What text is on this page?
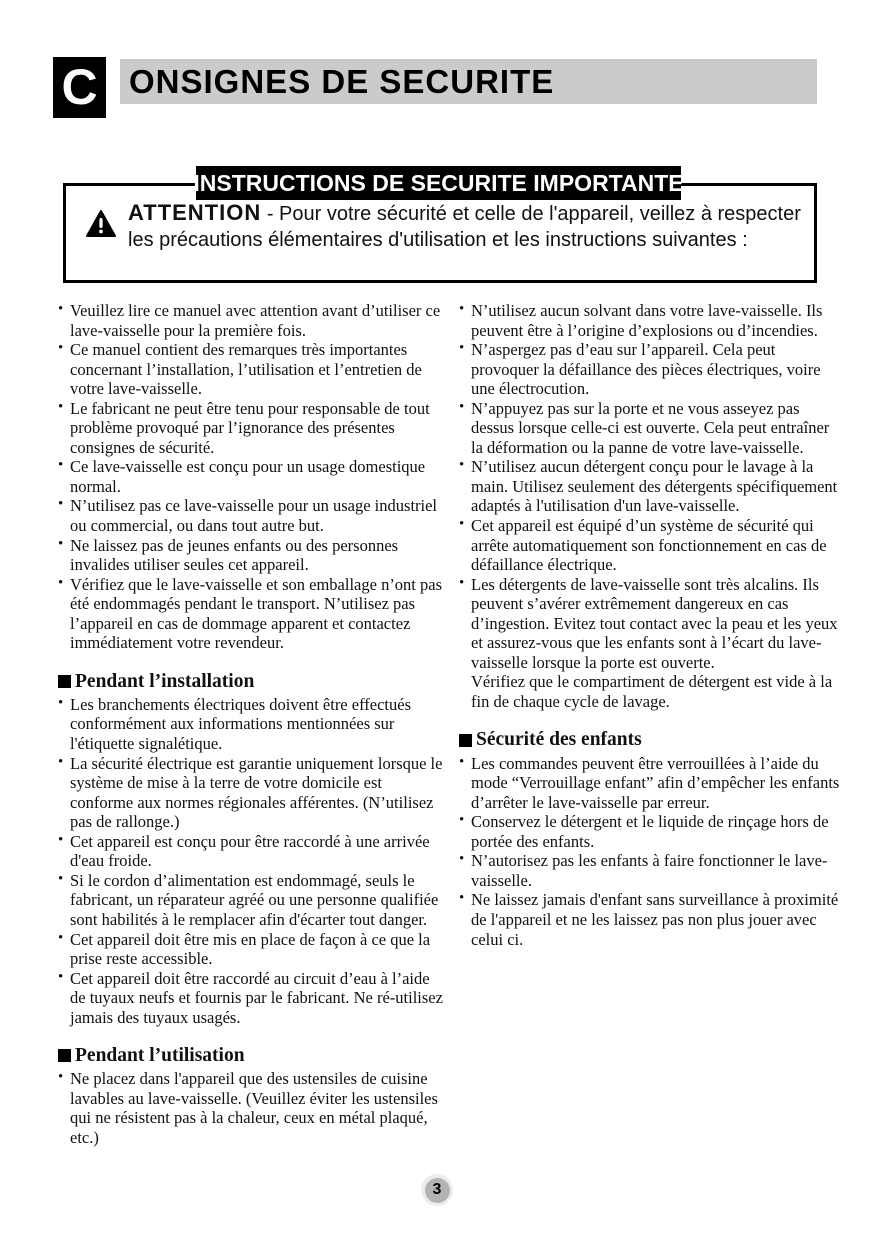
C ONSIGNES DE SECURITE
INSTRUCTIONS DE SECURITE IMPORTANTE

ATTENTION - Pour votre sécurité et celle de l'appareil, veillez à respecter les précautions élémentaires d'utilisation et les instructions suivantes :

• Veuillez lire ce manuel avec attention avant d’utiliser ce lave-vaisselle pour la première fois.
• Ce manuel contient des remarques très importantes concernant l’installation, l’utilisation et l’entretien de votre lave-vaisselle.
• Le fabricant ne peut être tenu pour responsable de tout problème provoqué par l’ignorance des présentes consignes de sécurité.
• Ce lave-vaisselle est conçu pour un usage domestique normal.
• N’utilisez pas ce lave-vaisselle pour un usage industriel ou commercial, ou dans tout autre but.
• Ne laissez pas de jeunes enfants ou des personnes invalides utiliser seules cet appareil.
• Vérifiez que le lave-vaisselle et son emballage n’ont pas été endommagés pendant le transport. N’utilisez pas l’appareil en cas de dommage apparent et contactez immédiatement votre revendeur.
Pendant l’installation
• Les branchements électriques doivent être effectués conformément aux informations mentionnées sur l'étiquette signalétique.
• La sécurité électrique est garantie uniquement lorsque le système de mise à la terre de votre domicile est conforme aux normes régionales afférentes. (N’utilisez pas de rallonge.)
• Cet appareil est conçu pour être raccordé à une arrivée d'eau froide.
• Si le cordon d’alimentation est endommagé, seuls le fabricant, un réparateur agréé ou une personne qualifiée sont habilités à le remplacer afin d'écarter tout danger.
• Cet appareil doit être mis en place de façon à ce que la prise reste accessible.
• Cet appareil doit être raccordé au circuit d’eau à l’aide de tuyaux neufs et fournis par le fabricant. Ne ré-utilisez jamais des tuyaux usagés.
Pendant l’utilisation
• Ne placez dans l'appareil que des ustensiles de cuisine lavables au lave-vaisselle. (Veuillez éviter les ustensiles qui ne résistent pas à la chaleur, ceux en métal plaqué, etc.)
• N’utilisez aucun solvant dans votre lave-vaisselle. Ils peuvent être à l’origine d’explosions ou d’incendies.
• N’aspergez pas d’eau sur l’appareil. Cela peut provoquer la défaillance des pièces électriques, voire une électrocution.
• N’appuyez pas sur la porte et ne vous asseyez pas dessus lorsque celle-ci est ouverte. Cela peut entraîner la déformation ou la panne de votre lave-vaisselle.
• N’utilisez aucun détergent conçu pour le lavage à la main. Utilisez seulement des détergents spécifiquement adaptés à l'utilisation d'un lave-vaisselle.
• Cet appareil est équipé d’un système de sécurité qui arrête automatiquement son fonctionnement en cas de défaillance électrique.
• Les détergents de lave-vaisselle sont très alcalins. Ils peuvent s’avérer extrêmement dangereux en cas d’ingestion. Evitez tout contact avec la peau et les yeux et assurez-vous que les enfants sont à l’écart du lave-vaisselle lorsque la porte est ouverte.
Vérifiez que le compartiment de détergent est vide à la fin de chaque cycle de lavage.
Sécurité des enfants
• Les commandes peuvent être verrouillées à l’aide du mode “Verrouillage enfant” afin d’empêcher les enfants d’arrêter le lave-vaisselle par erreur.
• Conservez le détergent et le liquide de rinçage hors de portée des enfants.
• N’autorisez pas les enfants à faire fonctionner le lave-vaisselle.
• Ne laissez jamais d'enfant sans surveillance à proximité de l'appareil et ne les laissez pas non plus jouer avec celui ci.
3
